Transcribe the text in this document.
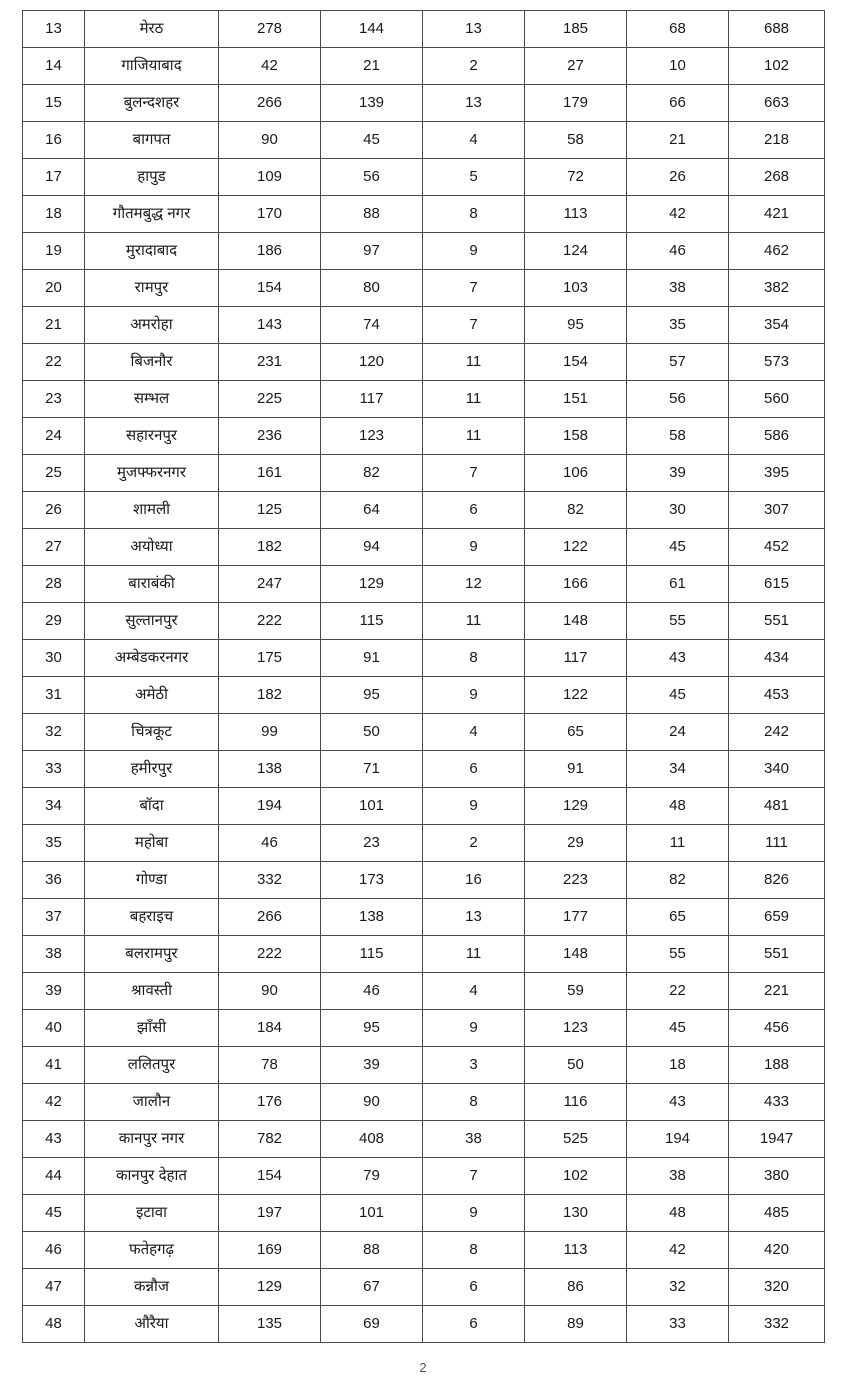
13	मेरठ	278	144	13	185	68	688
14	गाजियाबाद	42	21	2	27	10	102
15	बुलन्दशहर	266	139	13	179	66	663
16	बागपत	90	45	4	58	21	218
17	हापुड	109	56	5	72	26	268
18	गौतमबुद्ध नगर	170	88	8	113	42	421
19	मुरादाबाद	186	97	9	124	46	462
20	रामपुर	154	80	7	103	38	382
21	अमरोहा	143	74	7	95	35	354
22	बिजनौर	231	120	11	154	57	573
23	सम्भल	225	117	11	151	56	560
24	सहारनपुर	236	123	11	158	58	586
25	मुजफ्फरनगर	161	82	7	106	39	395
26	शामली	125	64	6	82	30	307
27	अयोध्या	182	94	9	122	45	452
28	बाराबंकी	247	129	12	166	61	615
29	सुल्तानपुर	222	115	11	148	55	551
30	अम्बेडकरनगर	175	91	8	117	43	434
31	अमेठी	182	95	9	122	45	453
32	चित्रकूट	99	50	4	65	24	242
33	हमीरपुर	138	71	6	91	34	340
34	बॉदा	194	101	9	129	48	481
35	महोबा	46	23	2	29	11	111
36	गोण्डा	332	173	16	223	82	826
37	बहराइच	266	138	13	177	65	659
38	बलरामपुर	222	115	11	148	55	551
39	श्रावस्ती	90	46	4	59	22	221
40	झॉंसी	184	95	9	123	45	456
41	ललितपुर	78	39	3	50	18	188
42	जालौन	176	90	8	116	43	433
43	कानपुर नगर	782	408	38	525	194	1947
44	कानपुर देहात	154	79	7	102	38	380
45	इटावा	197	101	9	130	48	485
46	फतेहगढ़	169	88	8	113	42	420
47	कन्नौज	129	67	6	86	32	320
48	औरैया	135	69	6	89	33	332
2
